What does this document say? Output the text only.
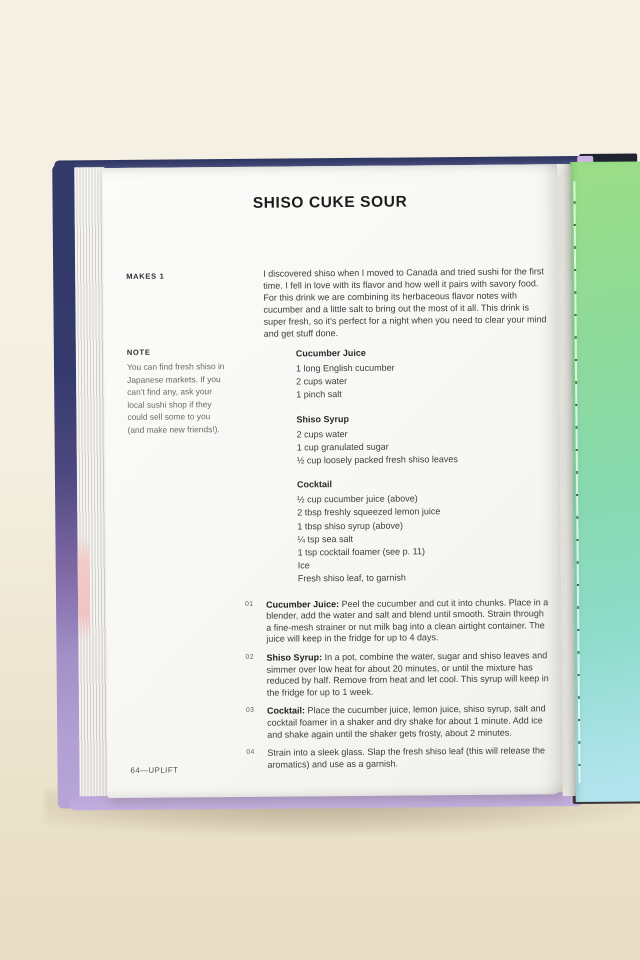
SHISO CUKE SOUR
MAKES 1

NOTE

You can find fresh shiso in Japanese markets. If you can't find any, ask your local sushi shop if they could sell some to you (and make new friends!).

I discovered shiso when I moved to Canada and tried sushi for the first time. I fell in love with its flavor and how well it pairs with savory food. For this drink we are combining its herbaceous flavor notes with cucumber and a little salt to bring out the most of it all. This drink is super fresh, so it's perfect for a night when you need to clear your mind and get stuff done.

Cucumber Juice

1 long English cucumber
2 cups water
1 pinch salt

Shiso Syrup

2 cups water
1 cup granulated sugar
½ cup loosely packed fresh shiso leaves

Cocktail

½ cup cucumber juice (above)
2 tbsp freshly squeezed lemon juice
1 tbsp shiso syrup (above)
¼ tsp sea salt
1 tsp cocktail foamer (see p. 11)
Ice
Fresh shiso leaf, to garnish
01 Cucumber Juice: Peel the cucumber and cut it into chunks. Place in a blender, add the water and salt and blend until smooth. Strain through a fine-mesh strainer or nut milk bag into a clean airtight container. The juice will keep in the fridge for up to 4 days.

02 Shiso Syrup: In a pot, combine the water, sugar and shiso leaves and simmer over low heat for about 20 minutes, or until the mixture has reduced by half. Remove from heat and let cool. This syrup will keep in the fridge for up to 1 week.

03 Cocktail: Place the cucumber juice, lemon juice, shiso syrup, salt and cocktail foamer in a shaker and dry shake for about 1 minute. Add ice and shake again until the shaker gets frosty, about 2 minutes.

04 Strain into a sleek glass. Slap the fresh shiso leaf (this will release the aromatics) and use as a garnish.

64—UPLIFT
